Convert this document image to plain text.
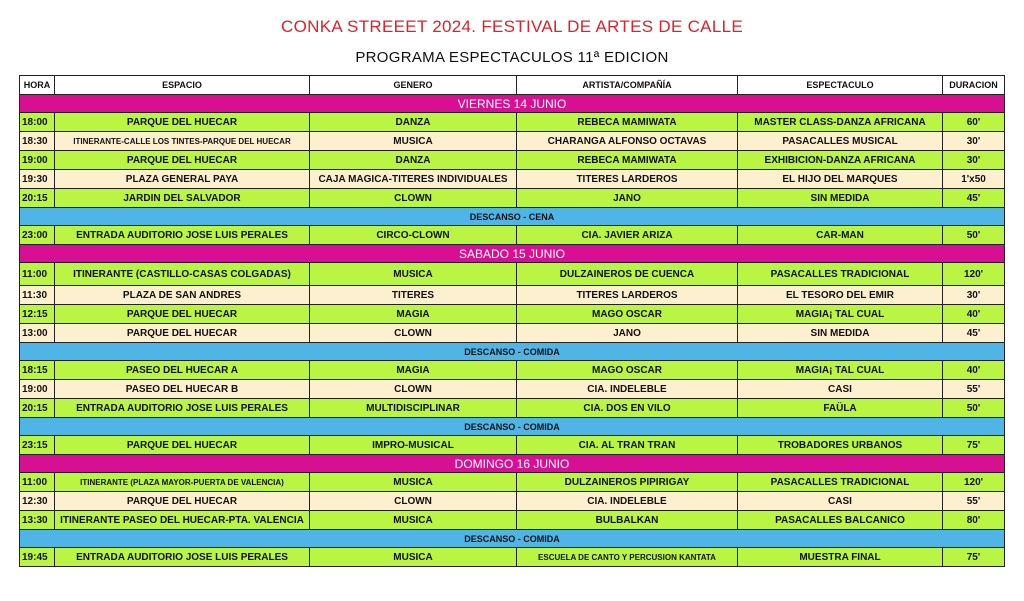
CONKA STREEET 2024. FESTIVAL DE ARTES DE CALLE
PROGRAMA ESPECTACULOS 11ª EDICION
HORA	ESPACIO	GENERO	ARTISTA/COMPAÑÍA	ESPECTACULO	DURACION
VIERNES 14 JUNIO					
18:00	PARQUE DEL HUECAR	DANZA	REBECA MAMIWATA	MASTER CLASS-DANZA AFRICANA	60'
18:30	ITINERANTE-CALLE LOS TINTES-PARQUE DEL HUECAR	MUSICA	CHARANGA ALFONSO OCTAVAS	PASACALLES MUSICAL	30'
19:00	PARQUE DEL HUECAR	DANZA	REBECA MAMIWATA	EXHIBICION-DANZA AFRICANA	30'
19:30	PLAZA GENERAL PAYA	CAJA MAGICA-TITERES INDIVIDUALES	TITERES LARDEROS	EL HIJO DEL MARQUES	1'x50
20:15	JARDIN DEL SALVADOR	CLOWN	JANO	SIN MEDIDA	45'
DESCANSO - CENA					
23:00	ENTRADA AUDITORIO JOSE LUIS PERALES	CIRCO-CLOWN	CIA. JAVIER ARIZA	CAR-MAN	50'
SABADO 15 JUNIO					
11:00	ITINERANTE (CASTILLO-CASAS COLGADAS)	MUSICA	DULZAINEROS DE CUENCA	PASACALLES TRADICIONAL	120'
11:30	PLAZA DE SAN ANDRES	TITERES	TITERES LARDEROS	EL TESORO DEL EMIR	30'
12:15	PARQUE DEL HUECAR	MAGIA	MAGO OSCAR	MAGIA¡ TAL CUAL	40'
13:00	PARQUE DEL HUECAR	CLOWN	JANO	SIN MEDIDA	45'
DESCANSO - COMIDA					
18:15	PASEO DEL HUECAR A	MAGIA	MAGO OSCAR	MAGIA¡ TAL CUAL	40'
19:00	PASEO DEL HUECAR B	CLOWN	CIA. INDELEBLE	CASI	55'
20:15	ENTRADA AUDITORIO JOSE LUIS PERALES	MULTIDISCIPLINAR	CIA. DOS EN VILO	FAÜLA	50'
DESCANSO - COMIDA					
23:15	PARQUE DEL HUECAR	IMPRO-MUSICAL	CIA. AL TRAN TRAN	TROBADORES URBANOS	75'
DOMINGO 16 JUNIO					
11:00	ITINERANTE (PLAZA MAYOR-PUERTA DE VALENCIA)	MUSICA	DULZAINEROS PIPIRIGAY	PASACALLES TRADICIONAL	120'
12:30	PARQUE DEL HUECAR	CLOWN	CIA. INDELEBLE	CASI	55'
13:30	ITINERANTE PASEO DEL HUECAR-PTA. VALENCIA	MUSICA	BULBALKAN	PASACALLES BALCANICO	80'
DESCANSO - COMIDA					
19:45	ENTRADA AUDITORIO JOSE LUIS PERALES	MUSICA	ESCUELA DE CANTO Y PERCUSION KANTATA	MUESTRA FINAL	75'
